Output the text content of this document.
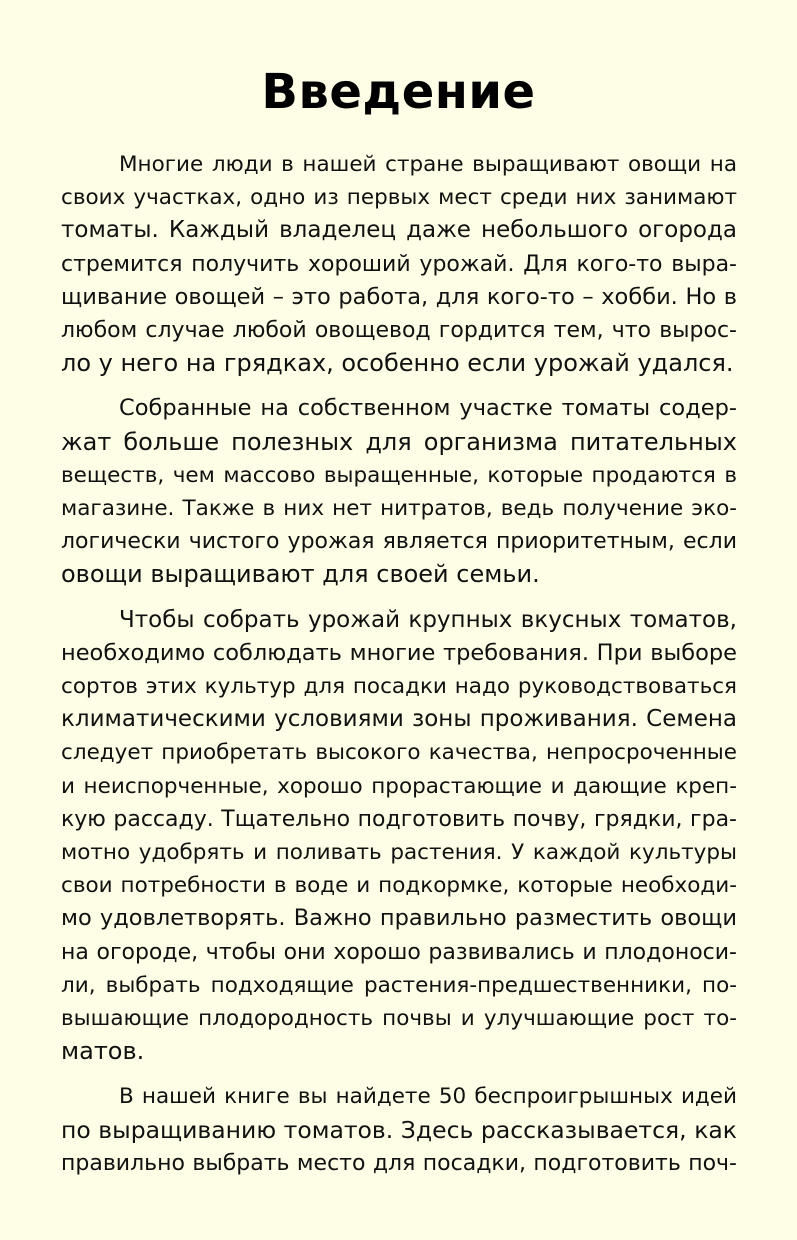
Введение
Многие люди в нашей стране выращивают овощи на
своих участках, одно из первых мест среди них занимают
томаты. Каждый владелец даже небольшого огорода
стремится получить хороший урожай. Для кого-то выра-
щивание овощей – это работа, для кого-то – хобби. Но в
любом случае любой овощевод гордится тем, что вырос-
ло у него на грядках, особенно если урожай удался.
Собранные на собственном участке томаты содер-
жат больше полезных для организма питательных
веществ, чем массово выращенные, которые продаются в
магазине. Также в них нет нитратов, ведь получение эко-
логически чистого урожая является приоритетным, если
овощи выращивают для своей семьи.
Чтобы собрать урожай крупных вкусных томатов,
необходимо соблюдать многие требования. При выборе
сортов этих культур для посадки надо руководствоваться
климатическими условиями зоны проживания. Семена
следует приобретать высокого качества, непросроченные
и неиспорченные, хорошо прорастающие и дающие креп-
кую рассаду. Тщательно подготовить почву, грядки, гра-
мотно удобрять и поливать растения. У каждой культуры
свои потребности в воде и подкормке, которые необходи-
мо удовлетворять. Важно правильно разместить овощи
на огороде, чтобы они хорошо развивались и плодоноси-
ли, выбрать подходящие растения-предшественники, по-
вышающие плодородность почвы и улучшающие рост то-
матов.
В нашей книге вы найдете 50 беспроигрышных идей
по выращиванию томатов. Здесь рассказывается, как
правильно выбрать место для посадки, подготовить поч-
